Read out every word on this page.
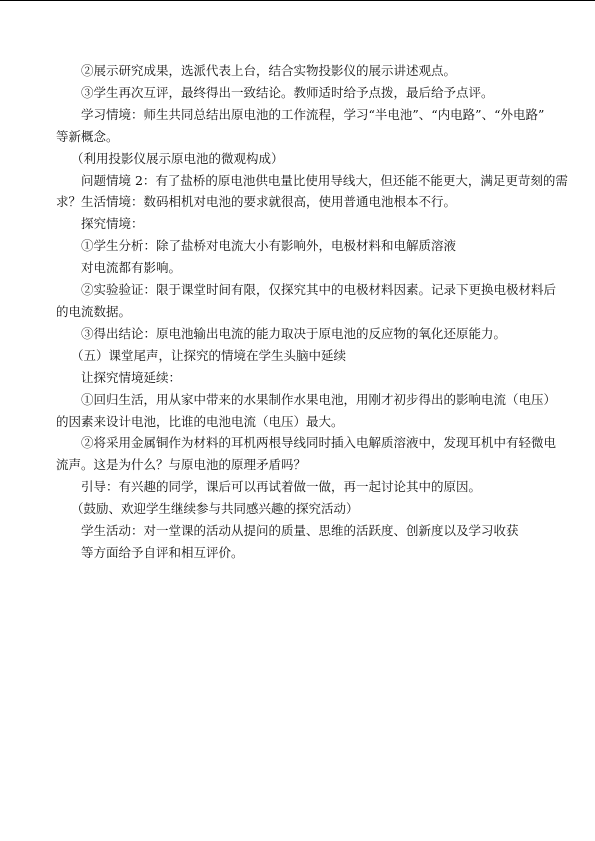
②展示研究成果，选派代表上台，结合实物投影仪的展示讲述观点。

③学生再次互评，最终得出一致结论。教师适时给予点拨，最后给予点评。

学习情境：师生共同总结出原电池的工作流程，学习“半电池”、“内电路”、“外电路”

等新概念。

（利用投影仪展示原电池的微观构成）

问题情境 2：有了盐桥的原电池供电量比使用导线大，但还能不能更大，满足更苛刻的需

求？生活情境：数码相机对电池的要求就很高，使用普通电池根本不行。

探究情境：

①学生分析：除了盐桥对电流大小有影响外，电极材料和电解质溶液

对电流都有影响。

②实验验证：限于课堂时间有限，仅探究其中的电极材料因素。记录下更换电极材料后

的电流数据。

③得出结论：原电池输出电流的能力取决于原电池的反应物的氧化还原能力。

（五）课堂尾声，让探究的情境在学生头脑中延续

让探究情境延续：

①回归生活，用从家中带来的水果制作水果电池，用刚才初步得出的影响电流（电压）

的因素来设计电池，比谁的电池电流（电压）最大。

②将采用金属铜作为材料的耳机两根导线同时插入电解质溶液中，发现耳机中有轻微电

流声。这是为什么？与原电池的原理矛盾吗？

引导：有兴趣的同学，课后可以再试着做一做，再一起讨论其中的原因。

（鼓励、欢迎学生继续参与共同感兴趣的探究活动）

学生活动：对一堂课的活动从提问的质量、思维的活跃度、创新度以及学习收获

等方面给予自评和相互评价。
